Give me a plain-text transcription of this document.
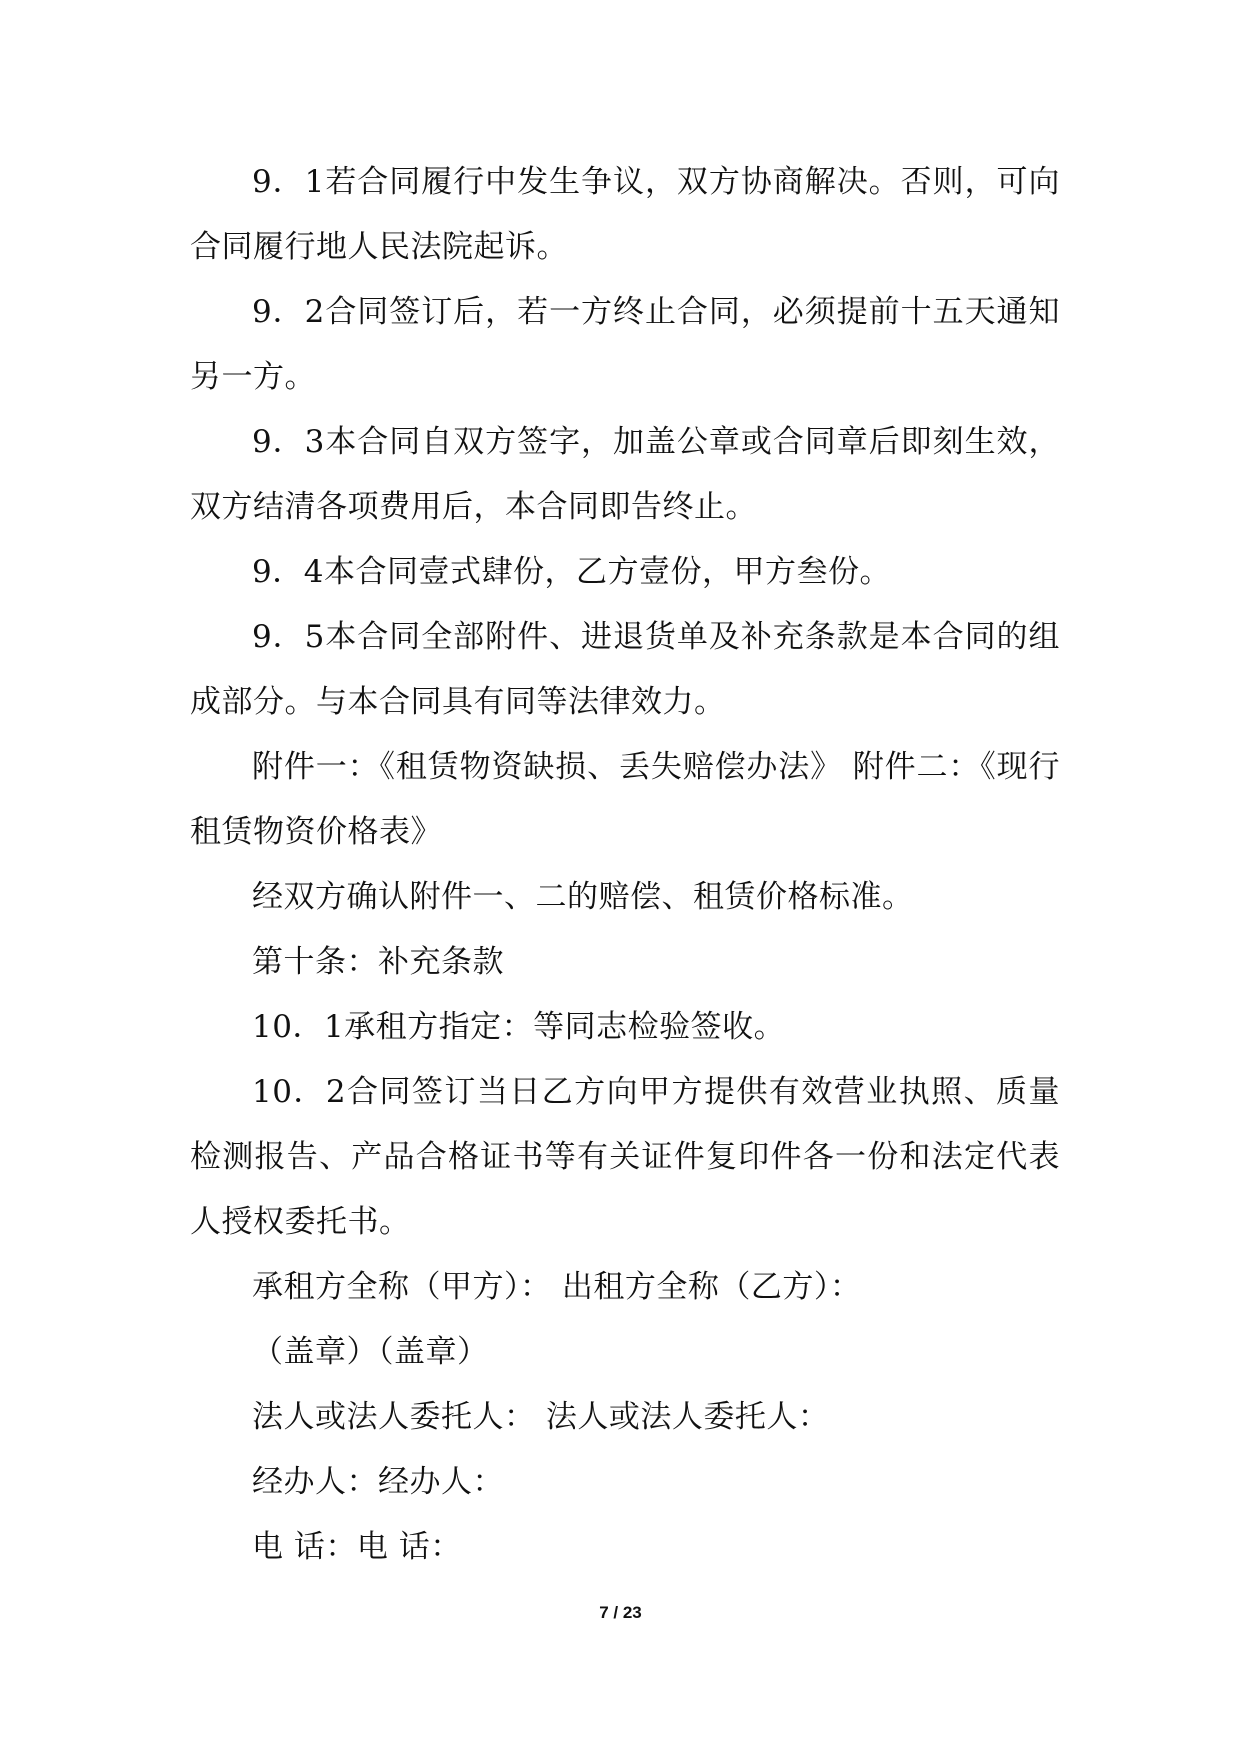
9．1若合同履行中发生争议，双方协商解决。否则，可向合同履行地人民法院起诉。

9．2合同签订后，若一方终止合同，必须提前十五天通知另一方。

9．3本合同自双方签字，加盖公章或合同章后即刻生效，双方结清各项费用后，本合同即告终止。

9．4本合同壹式肆份，乙方壹份，甲方叁份。

9．5本合同全部附件、进退货单及补充条款是本合同的组成部分。与本合同具有同等法律效力。

附件一：《租赁物资缺损、丢失赔偿办法》 附件二：《现行租赁物资价格表》

经双方确认附件一、二的赔偿、租赁价格标准。

第十条：补充条款

10．1承租方指定：等同志检验签收。

10．2合同签订当日乙方向甲方提供有效营业执照、质量检测报告、产品合格证书等有关证件复印件各一份和法定代表人授权委托书。

承租方全称（甲方）： 出租方全称（乙方）：

（盖章）（盖章）

法人或法人委托人： 法人或法人委托人：

经办人：经办人：

电 话：电 话：

7 / 23
